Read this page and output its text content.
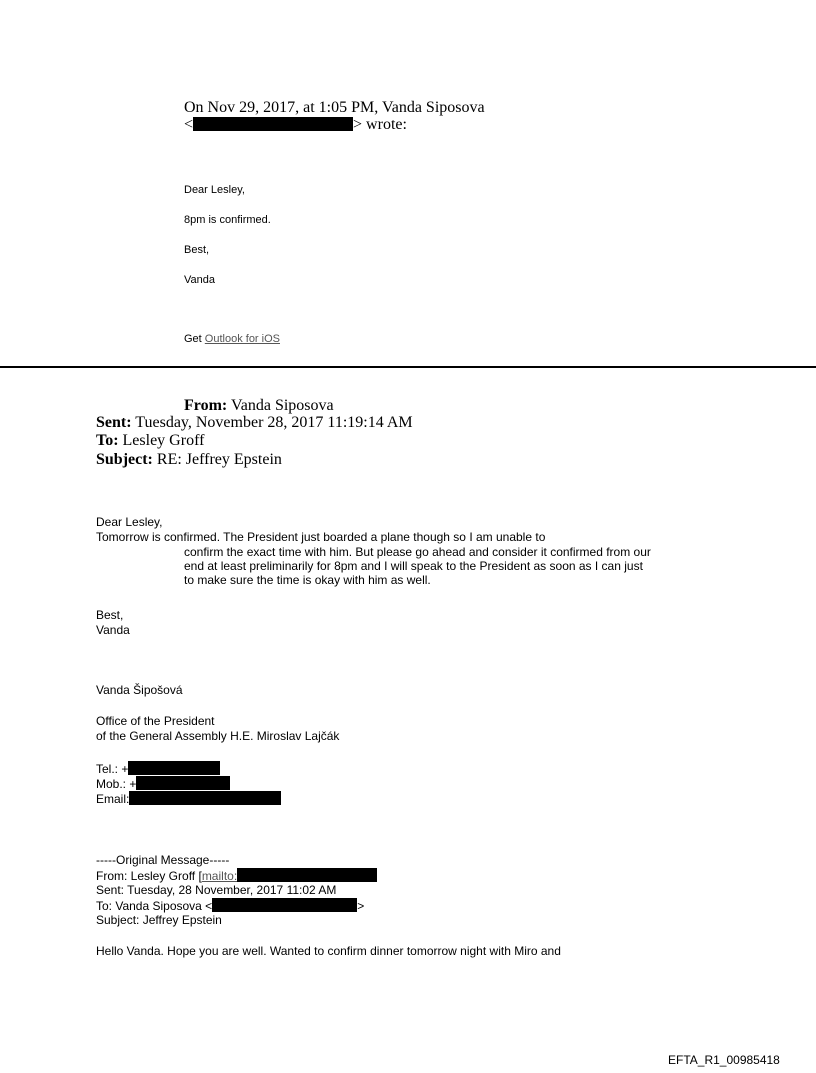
On Nov 29, 2017, at 1:05 PM, Vanda Siposova
<	> wrote:
Dear Lesley,
8pm is confirmed.
Best,
Vanda
Get Outlook for iOS
From: Vanda Siposova
Sent: Tuesday, November 28, 2017 11:19:14 AM
To: Lesley Groff
Subject: RE: Jeffrey Epstein
Dear Lesley,
Tomorrow is confirmed. The President just boarded a plane though so I am unable to
confirm the exact time with him. But please go ahead and consider it confirmed from our end at least preliminarily for 8pm and I will speak to the President as soon as I can just to make sure the time is okay with him as well.
Best,
Vanda
Vanda Šipošová
Office of the President
of the General Assembly H.E. Miroslav Lajčák
Tel.: +
Mob.: +
Email:
-----Original Message-----
From: Lesley Groff [mailto:
Sent: Tuesday, 28 November, 2017 11:02 AM
To: Vanda Siposova <	>
Subject: Jeffrey Epstein
Hello Vanda. Hope you are well. Wanted to confirm dinner tomorrow night with Miro and
EFTA_R1_00985418
